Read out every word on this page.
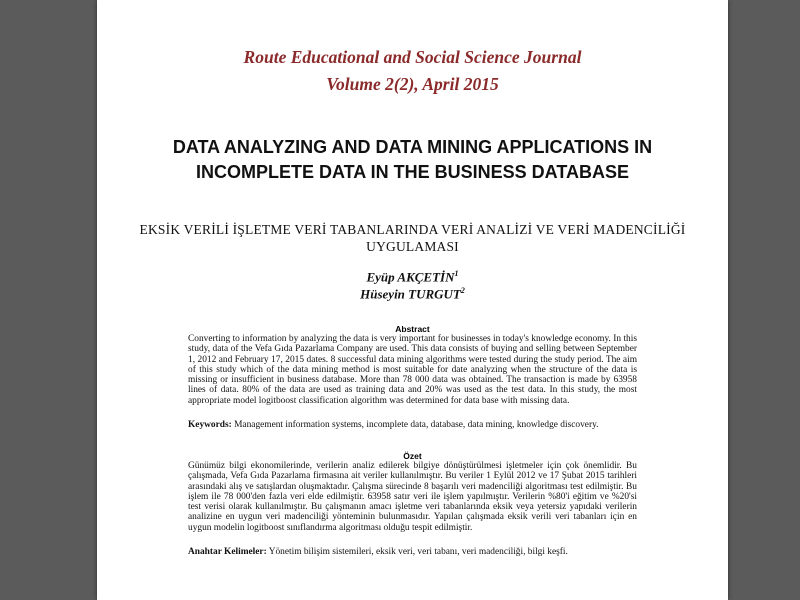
Route Educational and Social Science Journal
Volume 2(2), April 2015
DATA ANALYZING AND DATA MINING APPLICATIONS IN INCOMPLETE DATA IN THE BUSINESS DATABASE
EKSİK VERİLİ İŞLETME VERİ TABANLARINDA VERİ ANALİZİ VE VERİ MADENCİLİĞİ UYGULAMASI
Eyüp AKÇETİN$^1$
Hüseyin TURGUT$^2$
Abstract
Converting to information by analyzing the data is very important for businesses in today's knowledge economy. In this study, data of the Vefa Gıda Pazarlama Company are used. This data consists of buying and selling between September 1, 2012 and February 17, 2015 dates. 8 successful data mining algorithms were tested during the study period. The aim of this study which of the data mining method is most suitable for date analyzing when the structure of the data is missing or insufficient in business database. More than 78 000 data was obtained. The transaction is made by 63958 lines of data. 80% of the data are used as training data and 20% was used as the test data. In this study, the most appropriate model logitboost classification algorithm was determined for data base with missing data.
Keywords: Management information systems, incomplete data, database, data mining, knowledge discovery.
Özet
Günümüz bilgi ekonomilerinde, verilerin analiz edilerek bilgiye dönüştürülmesi işletmeler için çok önemlidir. Bu çalışmada, Vefa Gıda Pazarlama firmasına ait veriler kullanılmıştır. Bu veriler 1 Eylül 2012 ve 17 Şubat 2015 tarihleri arasındaki alış ve satışlardan oluşmaktadır. Çalışma sürecinde 8 başarılı veri madenciliği algoritması test edilmiştir. Bu işlem ile 78 000'den fazla veri elde edilmiştir. 63958 satır veri ile işlem yapılmıştır. Verilerin %80'i eğitim ve %20'si test verisi olarak kullanılmıştır. Bu çalışmanın amacı işletme veri tabanlarında eksik veya yetersiz yapıdaki verilerin analizine en uygun veri madenciliği yönteminin bulunmasıdır. Yapılan çalışmada eksik verili veri tabanları için en uygun modelin logitboost sınıflandırma algoritması olduğu tespit edilmiştir.
Anahtar Kelimeler: Yönetim bilişim sistemileri, eksik veri, veri tabanı, veri madenciliği, bilgi keşfi.
